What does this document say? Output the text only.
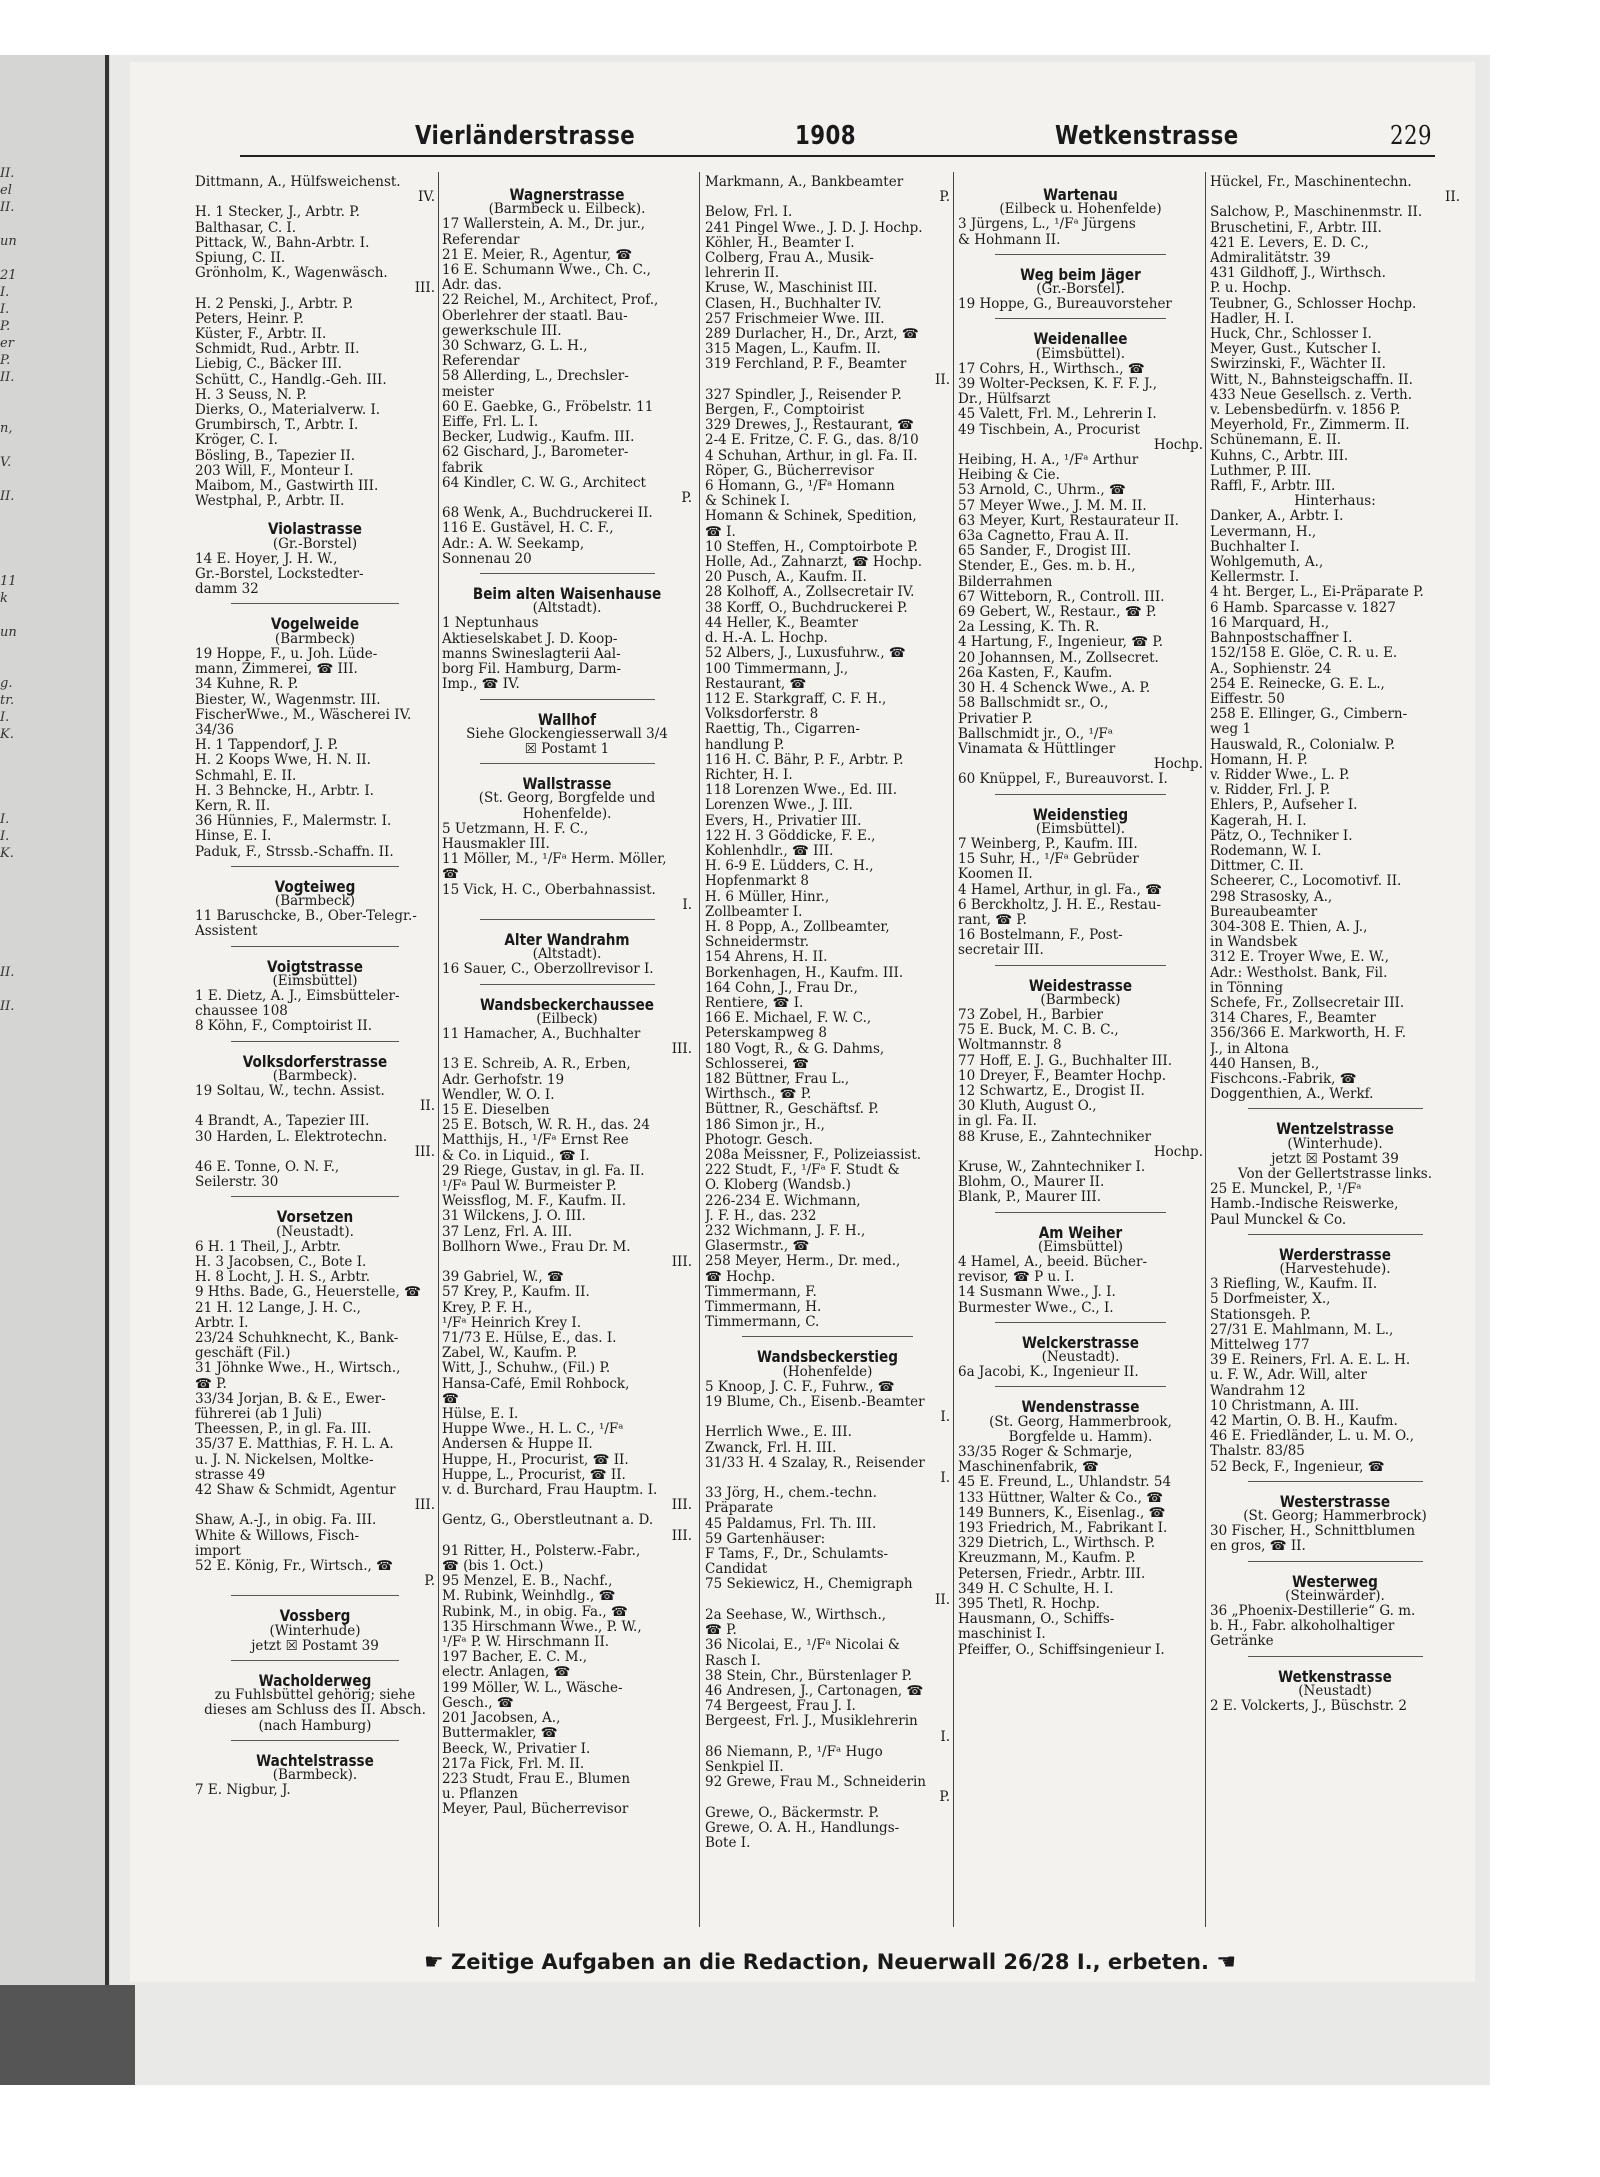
II.
el
II.

un

21
I.
I.
P.
er
P.
II.

n,

V.

II.

11
k

un

g.
tr.
I.
K.

I.
I.
K.

II.

II.
Vierländerstrasse	1908	Wetkenstrasse	229
Dittmann, A., Hülfsweichenst.
IV.
H. 1 Stecker, J., Arbtr. P.
Balthasar, C. I.
Pittack, W., Bahn-Arbtr. I.
Spiung, C. II.
Grönholm, K., Wagenwäsch.
III.
H. 2 Penski, J., Arbtr. P.
Peters, Heinr. P.
Küster, F., Arbtr. II.
Schmidt, Rud., Arbtr. II.
Liebig, C., Bäcker III.
Schütt, C., Handlg.-Geh. III.
H. 3 Seuss, N. P.
Dierks, O., Materialverw. I.
Grumbirsch, T., Arbtr. I.
Kröger, C. I.
Bösling, B., Tapezier II.
203 Will, F., Monteur I.
Maibom, M., Gastwirth III.
Westphal, P., Arbtr. II.
Violastrasse
(Gr.-Borstel)
14 E. Hoyer, J. H. W.,
Gr.-Borstel, Lockstedter-
damm 32
Vogelweide
(Barmbeck)
19 Hoppe, F., u. Joh. Lüde-
mann, Zimmerei, ☎ III.
34 Kuhne, R. P.
Biester, W., Wagenmstr. III.
FischerWwe., M., Wäscherei IV.
34/36
H. 1 Tappendorf, J. P.
H. 2 Koops Wwe, H. N. II.
Schmahl, E. II.
H. 3 Behncke, H., Arbtr. I.
Kern, R. II.
36 Hünnies, F., Malermstr. I.
Hinse, E. I.
Paduk, F., Strssb.-Schaffn. II.
Vogteiweg
(Barmbeck)
11 Baruschcke, B., Ober-Telegr.-
Assistent
Voigtstrasse
(Eimsbüttel)
1 E. Dietz, A. J., Eimsbütteler-
chaussee 108
8 Köhn, F., Comptoirist II.
Volksdorferstrasse
(Barmbeck).
19 Soltau, W., techn. Assist.
II.
4 Brandt, A., Tapezier III.
30 Harden, L. Elektrotechn.
III.
46 E. Tonne, O. N. F.,
Seilerstr. 30
Vorsetzen
(Neustadt).
6 H. 1 Theil, J., Arbtr.
H. 3 Jacobsen, C., Bote I.
H. 8 Locht, J. H. S., Arbtr.
9 Hths. Bade, G., Heuerstelle, ☎
21 H. 12 Lange, J. H. C.,
Arbtr. I.
23/24 Schuhknecht, K., Bank-
geschäft (Fil.)
31 Jöhnke Wwe., H., Wirtsch.,
☎ P.
33/34 Jorjan, B. & E., Ewer-
führerei (ab 1 Juli)
Theessen, P., in gl. Fa. III.
35/37 E. Matthias, F. H. L. A.
u. J. N. Nickelsen, Moltke-
strasse 49
42 Shaw & Schmidt, Agentur
III.
Shaw, A.-J., in obig. Fa. III.
White & Willows, Fisch-
import
52 E. König, Fr., Wirtsch., ☎
P.
Vossberg
(Winterhude)
jetzt ☒ Postamt 39
Wacholderweg
zu Fuhlsbüttel gehörig; siehe
dieses am Schluss des II. Absch.
(nach Hamburg)
Wachtelstrasse
(Barmbeck).
7 E. Nigbur, J.
Wagnerstrasse
(Barmbeck u. Eilbeck).
17 Wallerstein, A. M., Dr. jur.,
Referendar
21 E. Meier, R., Agentur, ☎
16 E. Schumann Wwe., Ch. C.,
Adr. das.
22 Reichel, M., Architect, Prof.,
Oberlehrer der staatl. Bau-
gewerkschule III.
30 Schwarz, G. L. H.,
Referendar
58 Allerding, L., Drechsler-
meister
60 E. Gaebke, G., Fröbelstr. 11
Eiffe, Frl. L. I.
Becker, Ludwig., Kaufm. III.
62 Gischard, J., Barometer-
fabrik
64 Kindler, C. W. G., Architect
P.
68 Wenk, A., Buchdruckerei II.
116 E. Gustävel, H. C. F.,
Adr.: A. W. Seekamp,
Sonnenau 20
Beim alten Waisenhause
(Altstadt).
1 Neptunhaus
Aktieselskabet J. D. Koop-
manns Swineslagterii Aal-
borg Fil. Hamburg, Darm-
Imp., ☎ IV.
Wallhof
Siehe Glockengiesserwall 3/4
☒ Postamt 1
Wallstrasse
(St. Georg, Borgfelde und
Hohenfelde).
5 Uetzmann, H. F. C.,
Hausmakler III.
11 Möller, M., ¹/Fᵃ Herm. Möller,
☎
15 Vick, H. C., Oberbahnassist.
I.
Alter Wandrahm
(Altstadt).
16 Sauer, C., Oberzollrevisor I.
Wandsbeckerchaussee
(Eilbeck)
11 Hamacher, A., Buchhalter
III.
13 E. Schreib, A. R., Erben,
Adr. Gerhofstr. 19
Wendler, W. O. I.
15 E. Dieselben
25 E. Botsch, W. R. H., das. 24
Matthijs, H., ¹/Fᵃ Ernst Ree
& Co. in Liquid., ☎ I.
29 Riege, Gustav, in gl. Fa. II.
¹/Fᵃ Paul W. Burmeister P.
Weissflog, M. F., Kaufm. II.
31 Wilckens, J. O. III.
37 Lenz, Frl. A. III.
Bollhorn Wwe., Frau Dr. M.
III.
39 Gabriel, W., ☎
57 Krey, P., Kaufm. II.
Krey, P. F. H.,
¹/Fᵃ Heinrich Krey I.
71/73 E. Hülse, E., das. I.
Zabel, W., Kaufm. P.
Witt, J., Schuhw., (Fil.) P.
Hansa-Café, Emil Rohbock,
☎
Hülse, E. I.
Huppe Wwe., H. L. C., ¹/Fᵃ
Andersen & Huppe II.
Huppe, H., Procurist, ☎ II.
Huppe, L., Procurist, ☎ II.
v. d. Burchard, Frau Hauptm. I.
III.
Gentz, G., Oberstleutnant a. D.
III.
91 Ritter, H., Polsterw.-Fabr.,
☎ (bis 1. Oct.)
95 Menzel, E. B., Nachf.,
M. Rubink, Weinhdlg., ☎
Rubink, M., in obig. Fa., ☎
135 Hirschmann Wwe., P. W.,
¹/Fᵃ P. W. Hirschmann II.
197 Bacher, E. C. M.,
electr. Anlagen, ☎
199 Möller, W. L., Wäsche-
Gesch., ☎
201 Jacobsen, A.,
Buttermakler, ☎
Beeck, W., Privatier I.
217a Fick, Frl. M. II.
223 Studt, Frau E., Blumen
u. Pflanzen
Meyer, Paul, Bücherrevisor
Markmann, A., Bankbeamter
P.
Below, Frl. I.
241 Pingel Wwe., J. D. J. Hochp.
Köhler, H., Beamter I.
Colberg, Frau A., Musik-
lehrerin II.
Kruse, W., Maschinist III.
Clasen, H., Buchhalter IV.
257 Frischmeier Wwe. III.
289 Durlacher, H., Dr., Arzt, ☎
315 Magen, L., Kaufm. II.
319 Ferchland, P. F., Beamter
II.
327 Spindler, J., Reisender P.
Bergen, F., Comptoirist
329 Drewes, J., Restaurant, ☎
2-4 E. Fritze, C. F. G., das. 8/10
4 Schuhan, Arthur, in gl. Fa. II.
Röper, G., Bücherrevisor
6 Homann, G., ¹/Fᵃ Homann
& Schinek I.
Homann & Schinek, Spedition,
☎ I.
10 Steffen, H., Comptoirbote P.
Holle, Ad., Zahnarzt, ☎ Hochp.
20 Pusch, A., Kaufm. II.
28 Kolhoff, A., Zollsecretair IV.
38 Korff, O., Buchdruckerei P.
44 Heller, K., Beamter
d. H.-A. L. Hochp.
52 Albers, J., Luxusfuhrw., ☎
100 Timmermann, J.,
Restaurant, ☎
112 E. Starkgraff, C. F. H.,
Volksdorferstr. 8
Raettig, Th., Cigarren-
handlung P.
116 H. C. Bähr, P. F., Arbtr. P.
Richter, H. I.
118 Lorenzen Wwe., Ed. III.
Lorenzen Wwe., J. III.
Evers, H., Privatier III.
122 H. 3 Göddicke, F. E.,
Kohlenhdlr., ☎ III.
H. 6-9 E. Lüdders, C. H.,
Hopfenmarkt 8
H. 6 Müller, Hinr.,
Zollbeamter I.
H. 8 Popp, A., Zollbeamter,
Schneidermstr.
154 Ahrens, H. II.
Borkenhagen, H., Kaufm. III.
164 Cohn, J., Frau Dr.,
Rentiere, ☎ I.
166 E. Michael, F. W. C.,
Peterskampweg 8
180 Vogt, R., & G. Dahms,
Schlosserei, ☎
182 Büttner, Frau L.,
Wirthsch., ☎ P.
Büttner, R., Geschäftsf. P.
186 Simon jr., H.,
Photogr. Gesch.
208a Meissner, F., Polizeiassist.
222 Studt, F., ¹/Fᵃ F. Studt &
O. Kloberg (Wandsb.)
226-234 E. Wichmann,
J. F. H., das. 232
232 Wichmann, J. F. H.,
Glasermstr., ☎
258 Meyer, Herm., Dr. med.,
☎ Hochp.
Timmermann, F.
Timmermann, H.
Timmermann, C.
Wandsbeckerstieg
(Hohenfelde)
5 Knoop, J. C. F., Fuhrw., ☎
19 Blume, Ch., Eisenb.-Beamter
I.
Herrlich Wwe., E. III.
Zwanck, Frl. H. III.
31/33 H. 4 Szalay, R., Reisender
I.
33 Jörg, H., chem.-techn.
Präparate
45 Paldamus, Frl. Th. III.
59 Gartenhäuser:
F Tams, F., Dr., Schulamts-
Candidat
75 Sekiewicz, H., Chemigraph
II.
2a Seehase, W., Wirthsch.,
☎ P.
36 Nicolai, E., ¹/Fᵃ Nicolai &
Rasch I.
38 Stein, Chr., Bürstenlager P.
46 Andresen, J., Cartonagen, ☎
74 Bergeest, Frau J. I.
Bergeest, Frl. J., Musiklehrerin
I.
86 Niemann, P., ¹/Fᵃ Hugo
Senkpiel II.
92 Grewe, Frau M., Schneiderin
P.
Grewe, O., Bäckermstr. P.
Grewe, O. A. H., Handlungs-
Bote I.
Wartenau
(Eilbeck u. Hohenfelde)
3 Jürgens, L., ¹/Fᵃ Jürgens
& Hohmann II.
Weg beim Jäger
(Gr.-Borstel).
19 Hoppe, G., Bureauvorsteher
Weidenallee
(Eimsbüttel).
17 Cohrs, H., Wirthsch., ☎
39 Wolter-Pecksen, K. F. F. J.,
Dr., Hülfsarzt
45 Valett, Frl. M., Lehrerin I.
49 Tischbein, A., Procurist
Hochp.
Heibing, H. A., ¹/Fᵃ Arthur
Heibing & Cie.
53 Arnold, C., Uhrm., ☎
57 Meyer Wwe., J. M. M. II.
63 Meyer, Kurt, Restaurateur II.
63a Cagnetto, Frau A. II.
65 Sander, F., Drogist III.
Stender, E., Ges. m. b. H.,
Bilderrahmen
67 Witteborn, R., Controll. III.
69 Gebert, W., Restaur., ☎ P.
2a Lessing, K. Th. R.
4 Hartung, F., Ingenieur, ☎ P.
20 Johannsen, M., Zollsecret.
26a Kasten, F., Kaufm.
30 H. 4 Schenck Wwe., A. P.
58 Ballschmidt sr., O.,
Privatier P.
Ballschmidt jr., O., ¹/Fᵃ
Vinamata & Hüttlinger
Hochp.
60 Knüppel, F., Bureauvorst. I.
Weidenstieg
(Eimsbüttel).
7 Weinberg, P., Kaufm. III.
15 Suhr, H., ¹/Fᵃ Gebrüder
Koomen II.
4 Hamel, Arthur, in gl. Fa., ☎
6 Berckholtz, J. H. E., Restau-
rant, ☎ P.
16 Bostelmann, F., Post-
secretair III.
Weidestrasse
(Barmbeck)
73 Zobel, H., Barbier
75 E. Buck, M. C. B. C.,
Woltmannstr. 8
77 Hoff, E. J. G., Buchhalter III.
10 Dreyer, F., Beamter Hochp.
12 Schwartz, E., Drogist II.
30 Kluth, August O.,
in gl. Fa. II.
88 Kruse, E., Zahntechniker
Hochp.
Kruse, W., Zahntechniker I.
Blohm, O., Maurer II.
Blank, P., Maurer III.
Am Weiher
(Eimsbüttel)
4 Hamel, A., beeid. Bücher-
revisor, ☎ P u. I.
14 Susmann Wwe., J. I.
Burmester Wwe., C., I.
Welckerstrasse
(Neustadt).
6a Jacobi, K., Ingenieur II.
Wendenstrasse
(St. Georg, Hammerbrook,
Borgfelde u. Hamm).
33/35 Roger & Schmarje,
Maschinenfabrik, ☎
45 E. Freund, L., Uhlandstr. 54
133 Hüttner, Walter & Co., ☎
149 Bunners, K., Eisenlag., ☎
193 Friedrich, M., Fabrikant I.
329 Dietrich, L., Wirthsch. P.
Kreuzmann, M., Kaufm. P.
Petersen, Friedr., Arbtr. III.
349 H. C Schulte, H. I.
395 Thetl, R. Hochp.
Hausmann, O., Schiffs-
maschinist I.
Pfeiffer, O., Schiffsingenieur I.
Hückel, Fr., Maschinentechn.
II.
Salchow, P., Maschinenmstr. II.
Bruschetini, F., Arbtr. III.
421 E. Levers, E. D. C.,
Admiralitätstr. 39
431 Gildhoff, J., Wirthsch.
P. u. Hochp.
Teubner, G., Schlosser Hochp.
Hadler, H. I.
Huck, Chr., Schlosser I.
Meyer, Gust., Kutscher I.
Swirzinski, F., Wächter II.
Witt, N., Bahnsteigschaffn. II.
433 Neue Gesellsch. z. Verth.
v. Lebensbedürfn. v. 1856 P.
Meyerhold, Fr., Zimmerm. II.
Schünemann, E. II.
Kuhns, C., Arbtr. III.
Luthmer, P. III.
Raffl, F., Arbtr. III.
Hinterhaus:
Danker, A., Arbtr. I.
Levermann, H.,
Buchhalter I.
Wohlgemuth, A.,
Kellermstr. I.
4 ht. Berger, L., Ei-Präparate P.
6 Hamb. Sparcasse v. 1827
16 Marquard, H.,
Bahnpostschaffner I.
152/158 E. Glöe, C. R. u. E.
A., Sophienstr. 24
254 E. Reinecke, G. E. L.,
Eiffestr. 50
258 E. Ellinger, G., Cimbern-
weg 1
Hauswald, R., Colonialw. P.
Homann, H. P.
v. Ridder Wwe., L. P.
v. Ridder, Frl. J. P.
Ehlers, P., Aufseher I.
Kagerah, H. I.
Pätz, O., Techniker I.
Rodemann, W. I.
Dittmer, C. II.
Scheerer, C., Locomotivf. II.
298 Strasosky, A.,
Bureaubeamter
304-308 E. Thien, A. J.,
in Wandsbek
312 E. Troyer Wwe, E. W.,
Adr.: Westholst. Bank, Fil.
in Tönning
Schefe, Fr., Zollsecretair III.
314 Chares, F., Beamter
356/366 E. Markworth, H. F.
J., in Altona
440 Hansen, B.,
Fischcons.-Fabrik, ☎
Doggenthien, A., Werkf.
Wentzelstrasse
(Winterhude).
jetzt ☒ Postamt 39
Von der Gellertstrasse links.
25 E. Munckel, P., ¹/Fᵃ
Hamb.-Indische Reiswerke,
Paul Munckel & Co.
Werderstrasse
(Harvestehude).
3 Riefling, W., Kaufm. II.
5 Dorfmeister, X.,
Stationsgeh. P.
27/31 E. Mahlmann, M. L.,
Mittelweg 177
39 E. Reiners, Frl. A. E. L. H.
u. F. W., Adr. Will, alter
Wandrahm 12
10 Christmann, A. III.
42 Martin, O. B. H., Kaufm.
46 E. Friedländer, L. u. M. O.,
Thalstr. 83/85
52 Beck, F., Ingenieur, ☎
Westerstrasse
(St. Georg; Hammerbrock)
30 Fischer, H., Schnittblumen
en gros, ☎ II.
Westerweg
(Steinwärder).
36 „Phoenix-Destillerie“ G. m.
b. H., Fabr. alkoholhaltiger
Getränke
Wetkenstrasse
(Neustadt)
2 E. Volckerts, J., Büschstr. 2
☛ Zeitige Aufgaben an die Redaction, Neuerwall 26/28 I., erbeten. ☚
